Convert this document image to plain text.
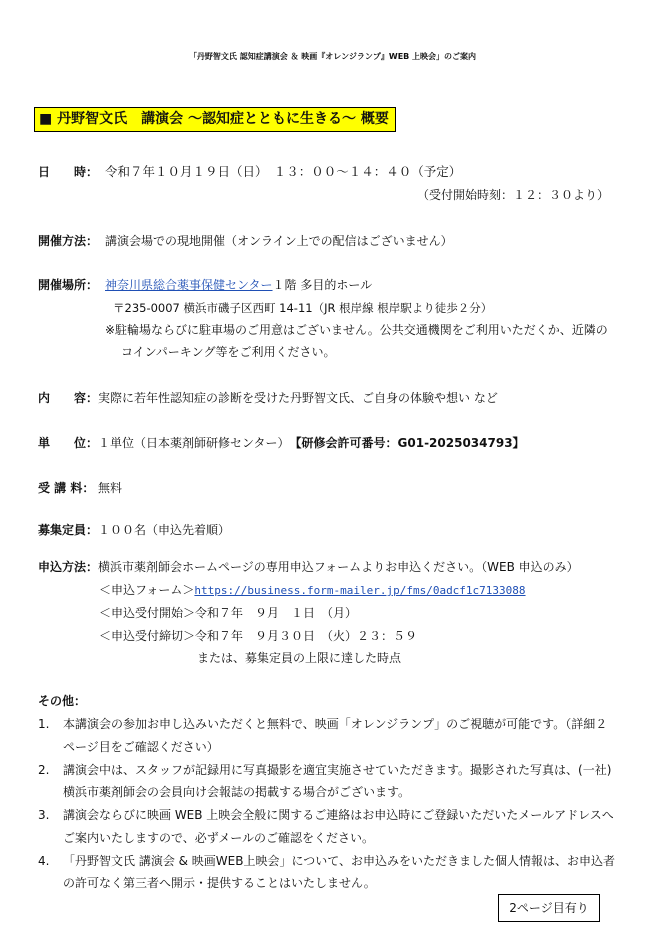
「丹野智文氏 認知症講演会 ＆ 映画『オレンジランプ』WEB 上映会」のご案内
■ 丹野智文氏　講演会 ～認知症とともに生きる～ 概要
日　　時： 令和７年１０月１９日（日）　１３：００～１４：４０（予定）
（受付開始時刻：１２：３０より）
開催方法： 講演会場での現地開催（オンライン上での配信はございません）
開催場所： 神奈川県総合薬事保健センター１階 多目的ホール
〒235-0007 横浜市磯子区西町 14-11（JR 根岸線 根岸駅より徒歩２分）
※駐輪場ならびに駐車場のご用意はございません。公共交通機関をご利用いただくか、近隣の
コインパーキング等をご利用ください。
内　　容： 実際に若年性認知症の診断を受けた丹野智文氏、ご自身の体験や想い など
単　　位： １単位（日本薬剤師研修センター）　【研修会許可番号：G01-2025034793】
受 講 料： 無料
募集定員： １００名（申込先着順）
申込方法： 横浜市薬剤師会ホームページの専用申込フォームよりお申込ください。（WEB 申込のみ）
＜申込フォーム＞https://business.form-mailer.jp/fms/0adcf1c7133088
＜申込受付開始＞令和７年　９月　１日　（月）
＜申込受付締切＞令和７年　９月３０日　（火）２３：５９
または、募集定員の上限に達した時点
その他：
1. 本講演会の参加お申し込みいただくと無料で、映画「オレンジランプ」のご視聴が可能です。（詳細２
ページ目をご確認ください）
2. 講演会中は、スタッフが記録用に写真撮影を適宜実施させていただきます。撮影された写真は、(一社)
横浜市薬剤師会の会員向け会報誌の掲載する場合がございます。
3. 講演会ならびに映画 WEB 上映会全般に関するご連絡はお申込時にご登録いただいたメールアドレスへ
ご案内いたしますので、必ずメールのご確認をください。
4. 「丹野智文氏 講演会 & 映画WEB上映会」について、お申込みをいただきました個人情報は、お申込者
の許可なく第三者へ開示・提供することはいたしません。
2ページ目有り
